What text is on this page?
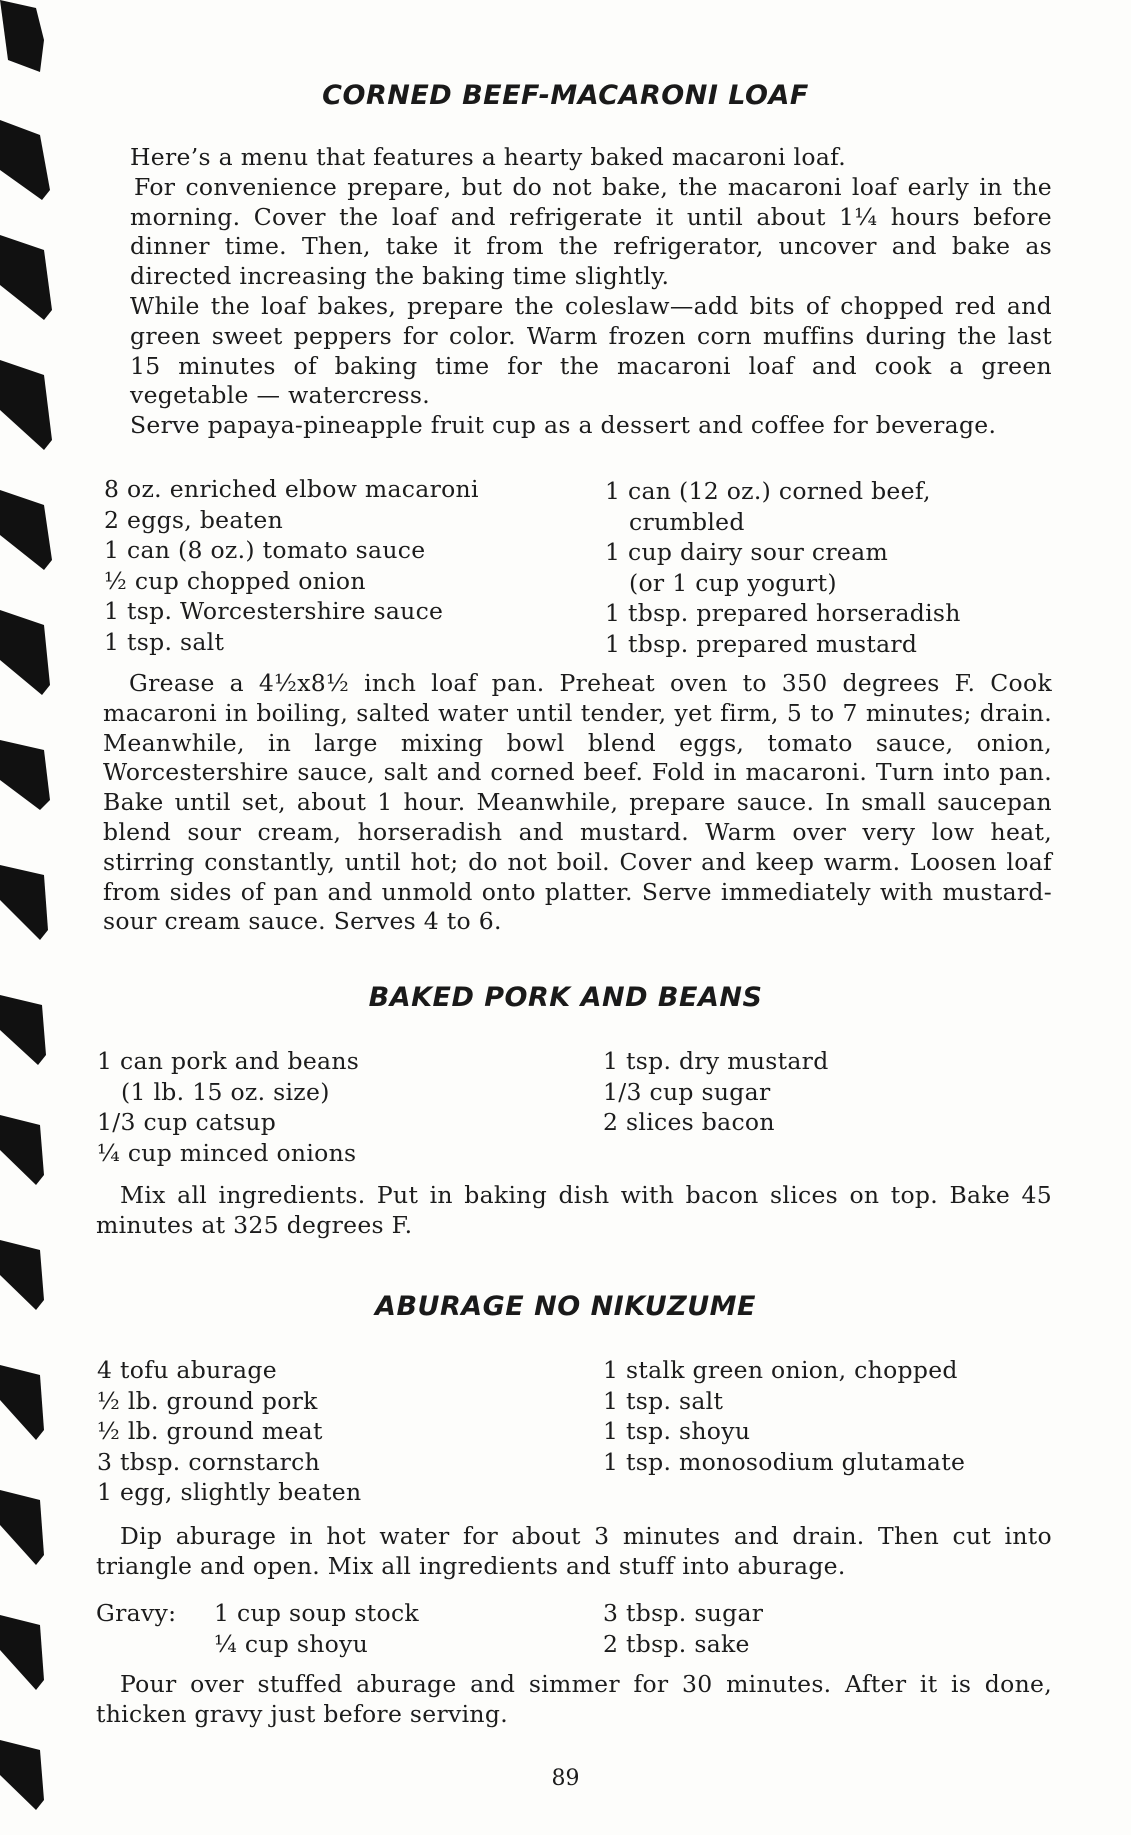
CORNED BEEF-MACARONI LOAF
Here’s a menu that features a hearty baked macaroni loaf.
For convenience prepare, but do not bake, the macaroni loaf early in the morning. Cover the loaf and refrigerate it until about 1¼ hours before dinner time. Then, take it from the refrigerator, uncover and bake as directed increasing the baking time slightly.
While the loaf bakes, prepare the coleslaw—add bits of chopped red and green sweet peppers for color. Warm frozen corn muffins during the last 15 minutes of baking time for the macaroni loaf and cook a green vegetable — watercress.
Serve papaya-pineapple fruit cup as a dessert and coffee for beverage.
8 oz. enriched elbow macaroni
2 eggs, beaten
1 can (8 oz.) tomato sauce
½ cup chopped onion
1 tsp. Worcestershire sauce
1 tsp. salt
1 can (12 oz.) corned beef,
crumbled
1 cup dairy sour cream
(or 1 cup yogurt)
1 tbsp. prepared horseradish
1 tbsp. prepared mustard
Grease a 4½x8½ inch loaf pan. Preheat oven to 350 degrees F. Cook macaroni in boiling, salted water until tender, yet firm, 5 to 7 minutes; drain. Meanwhile, in large mixing bowl blend eggs, tomato sauce, onion, Worcestershire sauce, salt and corned beef. Fold in macaroni. Turn into pan. Bake until set, about 1 hour. Meanwhile, prepare sauce. In small saucepan blend sour cream, horseradish and mustard. Warm over very low heat, stirring constantly, until hot; do not boil. Cover and keep warm. Loosen loaf from sides of pan and unmold onto platter. Serve immediately with mustard-sour cream sauce. Serves 4 to 6.
BAKED PORK AND BEANS
1 can pork and beans
(1 lb. 15 oz. size)
1/3 cup catsup
¼ cup minced onions
1 tsp. dry mustard
1/3 cup sugar
2 slices bacon
Mix all ingredients. Put in baking dish with bacon slices on top. Bake 45 minutes at 325 degrees F.
ABURAGE NO NIKUZUME
4 tofu aburage
½ lb. ground pork
½ lb. ground meat
3 tbsp. cornstarch
1 egg, slightly beaten
1 stalk green onion, chopped
1 tsp. salt
1 tsp. shoyu
1 tsp. monosodium glutamate
Dip aburage in hot water for about 3 minutes and drain. Then cut into triangle and open. Mix all ingredients and stuff into aburage.
Gravy: 1 cup soup stock
¼ cup shoyu
3 tbsp. sugar
2 tbsp. sake
Pour over stuffed aburage and simmer for 30 minutes. After it is done, thicken gravy just before serving.
89
